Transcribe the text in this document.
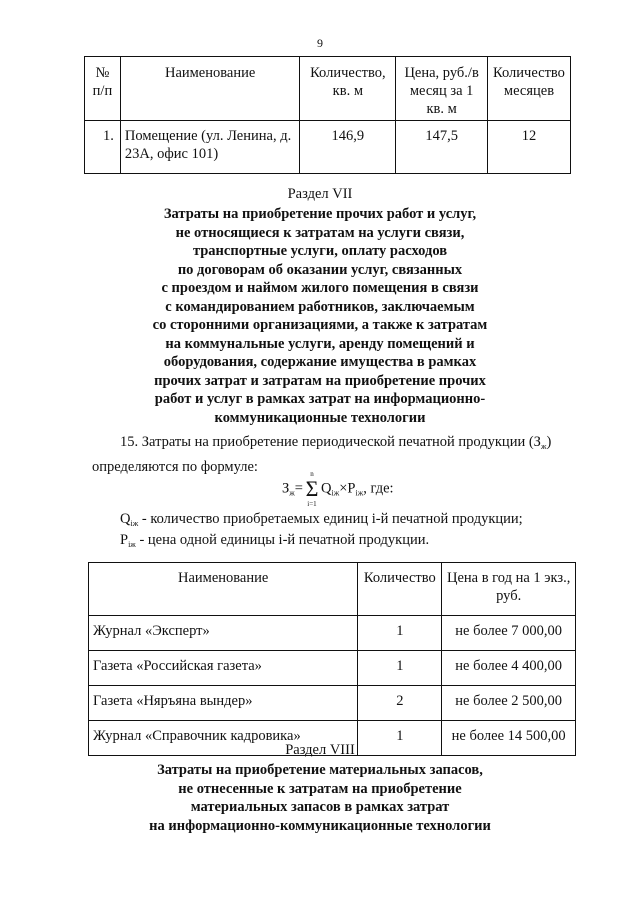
9
№ п/п	Наименование	Количество, кв. м	Цена, руб./в месяц за 1 кв. м	Количество месяцев
1.	Помещение (ул. Ленина, д. 23А, офис 101)	146,9	147,5	12
Раздел VII
Затраты на приобретение прочих работ и услуг,
не относящиеся к затратам на услуги связи,
транспортные услуги, оплату расходов
по договорам об оказании услуг, связанных
с проездом и наймом жилого помещения в связи
с командированием работников, заключаемым
со сторонними организациями, а также к затратам
на коммунальные услуги, аренду помещений и
оборудования, содержание имущества в рамках
прочих затрат и затратам на приобретение прочих
работ и услуг в рамках затрат на информационно-
коммуникационные технологии
15. Затраты на приобретение периодической печатной продукции $(З_ж)$
определяются по формуле:
$З_ж=$
n
Σ
i=1
$Q_{iж}\times P_{iж}$, где:
$Q_{iж}$ - количество приобретаемых единиц i-й печатной продукции;
$P_{iж}$ - цена одной единицы i-й печатной продукции.
Наименование	Количество	Цена в год на 1 экз., руб.
Журнал «Эксперт»	1	не более 7 000,00
Газета «Российская газета»	1	не более 4 400,00
Газета «Няръяна вындер»	2	не более 2 500,00
Журнал «Справочник кадровика»	1	не более 14 500,00
Раздел VIII
Затраты на приобретение материальных запасов,
не отнесенные к затратам на приобретение
материальных запасов в рамках затрат
на информационно-коммуникационные технологии
